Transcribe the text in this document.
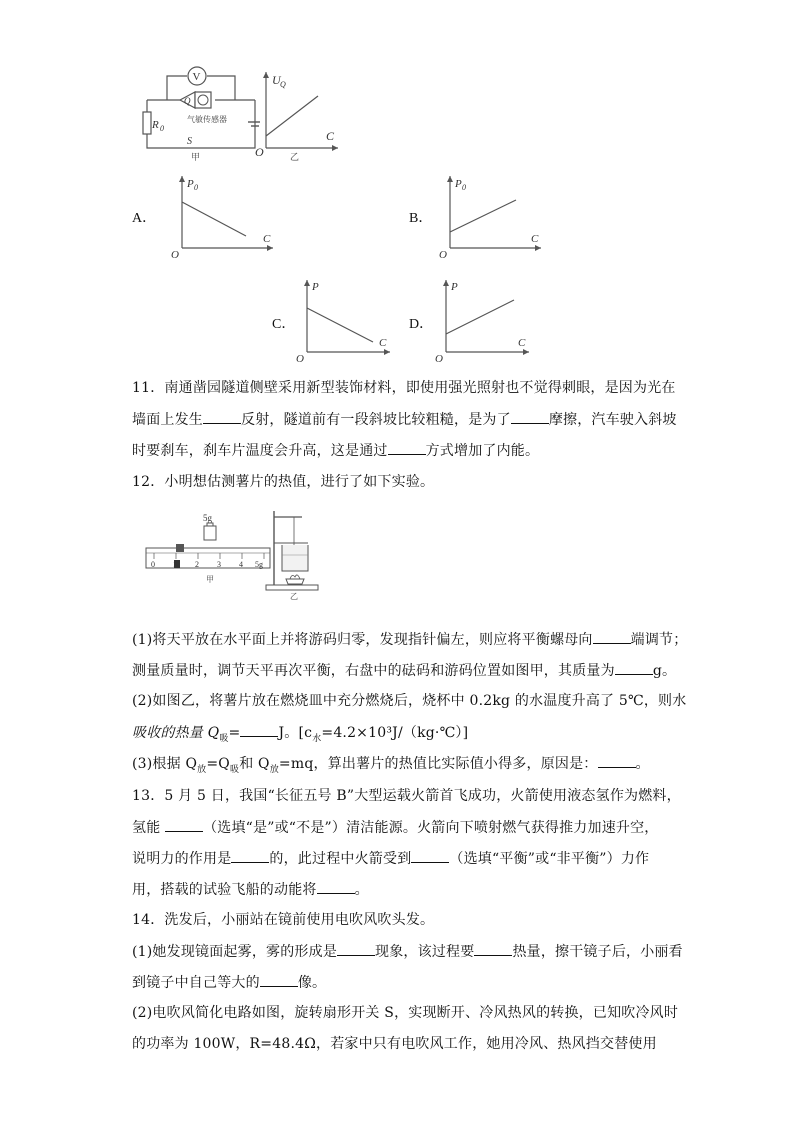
V
Q
气敏传感器
R 0
S
甲
U Q
C
O	乙
A．
P 0
C
O
B．
P 0
C
O
C．
P
C
O
D．
P
C
O
11．南通凿园隧道侧壁采用新型装饰材料，即使用强光照射也不觉得刺眼，是因为光在
墙面上发生	反射，隧道前有一段斜坡比较粗糙，是为了	摩擦，汽车驶入斜坡
时要刹车，刹车片温度会升高，这是通过	方式增加了内能。
12．小明想估测薯片的热值，进行了如下实验。
5g
0	2 3 4 5g
甲
乙
(1)将天平放在水平面上并将游码归零，发现指针偏左，则应将平衡螺母向	端调节；
测量质量时，调节天平再次平衡，右盘中的砝码和游码位置如图甲，其质量为	g。
(2)如图乙，将薯片放在燃烧皿中充分燃烧后，烧杯中 0.2kg 的水温度升高了 5℃，则水
吸收的热量 $Q_吸=$	J。$[c_水=4.2\times 10^3J/(kg\cdot℃)]$
(3)根据 $Q_放=Q_吸$和 $Q_放=mq$，算出薯片的热值比实际值小得多，原因是：	。
13．5 月 5 日，我国“长征五号 B”大型运载火箭首飞成功，火箭使用液态氢作为燃料，
氢能	（选填“是”或“不是”）清洁能源。火箭向下喷射燃气获得推力加速升空，
说明力的作用是	的，此过程中火箭受到	（选填“平衡”或“非平衡”）力作
用，搭载的试验飞船的动能将	。
14．洗发后，小丽站在镜前使用电吹风吹头发。
(1)她发现镜面起雾，雾的形成是	现象，该过程要	热量，擦干镜子后，小丽看
到镜子中自己等大的	像。
(2)电吹风简化电路如图，旋转扇形开关 S，实现断开、冷风热风的转换，已知吹冷风时
的功率为 100W，R=48.4Ω，若家中只有电吹风工作，她用冷风、热风挡交替使用
